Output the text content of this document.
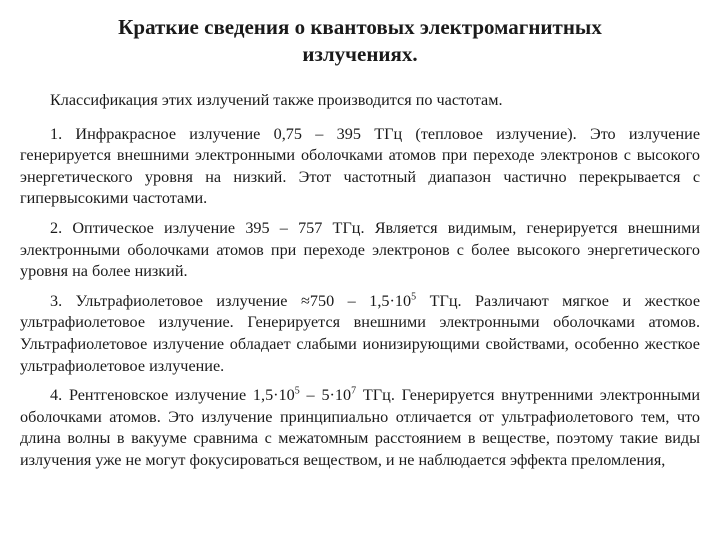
Краткие сведения о квантовых электромагнитных
излучениях.

Классификация этих излучений также производится по частотам.

1. Инфракрасное излучение 0,75 – 395 ТГц (тепловое излучение). Это излучение генерируется внешними электронными оболочками атомов при переходе электронов с высокого энергетического уровня на низкий. Этот частотный диапазон частично перекрывается с гипервысокими частотами.

2. Оптическое излучение 395 – 757 ТГц. Является видимым, генерируется внешними электронными оболочками атомов при переходе электронов с более высокого энергетического уровня на более низкий.

3. Ультрафиолетовое излучение $\approx 750 - 1,5\cdot 10^5$ ТГц. Различают мягкое и жесткое ультрафиолетовое излучение. Генерируется внешними электронными оболочками атомов. Ультрафиолетовое излучение обладает слабыми ионизирующими свойствами, особенно жесткое ультрафиолетовое излучение.

4. Рентгеновское излучение $1,5\cdot 10^5 - 5\cdot 10^7$ ТГц. Генерируется внутренними электронными оболочками атомов. Это излучение принципиально отличается от ультрафиолетового тем, что длина волны в вакууме сравнима с межатомным расстоянием в веществе, поэтому такие виды излучения уже не могут фокусироваться веществом, и не наблюдается эффекта преломления,
